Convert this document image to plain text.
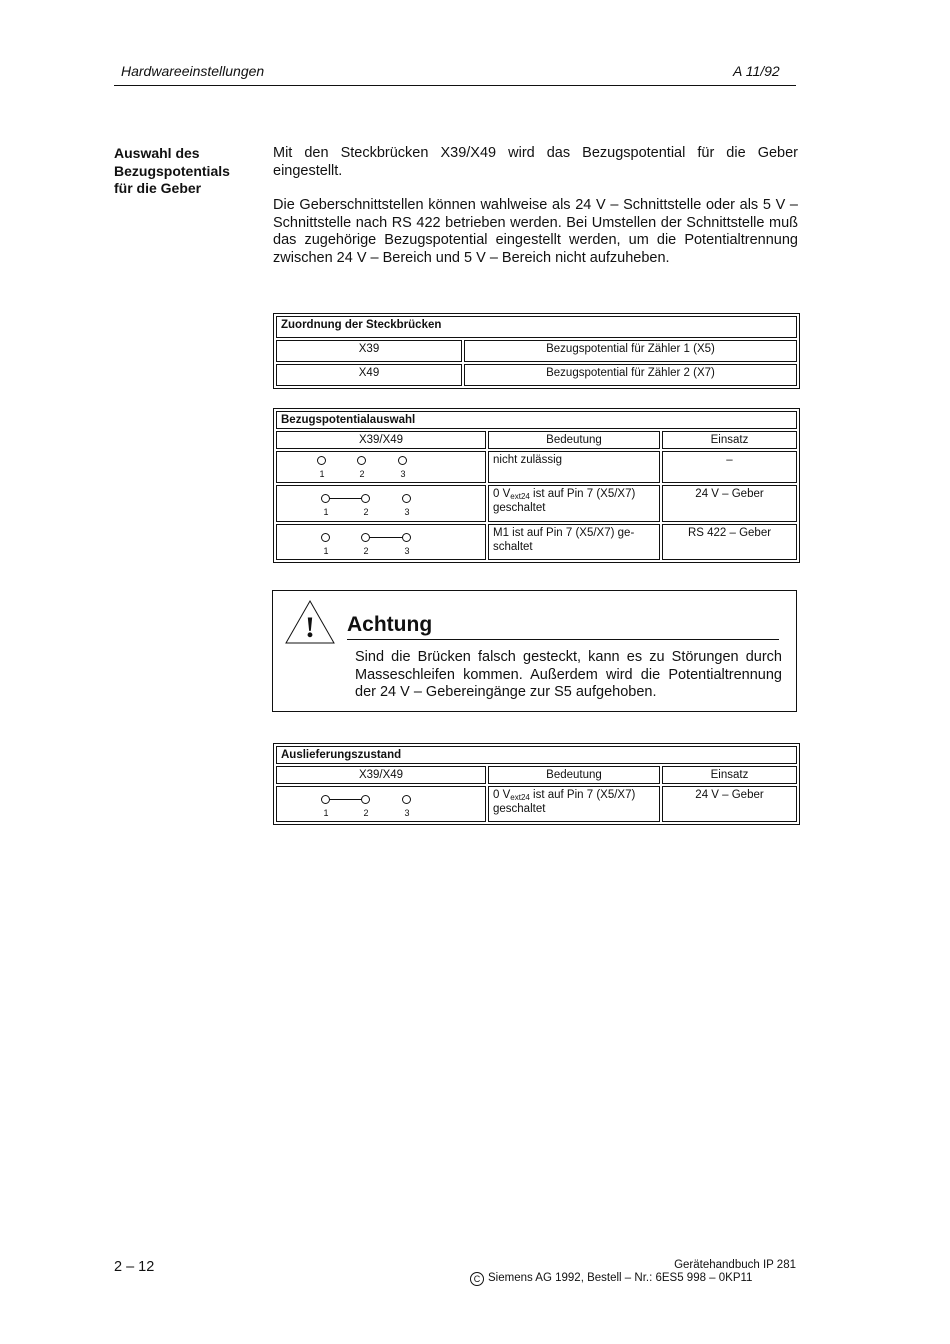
Hardwareeinstellungen	A 11/92
Auswahl des
Bezugspotentials
für die Geber

Mit den Steckbrücken X39/X49 wird das Bezugspotential für die Geber eingestellt.

Die Geberschnittstellen können wahlweise als 24 V – Schnittstelle oder als 5 V – Schnittstelle nach RS 422 betrieben werden. Bei Umstellen der Schnittstelle muß das zugehörige Bezugspotential eingestellt werden, um die Potentialtrennung zwischen 24 V – Bereich und 5 V – Bereich nicht aufzuheben.

Zuordnung der Steckbrücken	
X39	Bezugspotential für Zähler 1 (X5)
X49	Bezugspotential für Zähler 2 (X7)
Bezugspotentialauswahl		
X39/X49	Bedeutung	Einsatz

1 2 3	nicht zulässig	–

1 2 3	0 $V_{ext24}$ ist auf Pin 7 (X5/X7) geschaltet	24 V – Geber

1 2 3	M1 ist auf Pin 7 (X5/X7) geschaltet	RS 422 – Geber
! Achtung
Sind die Brücken falsch gesteckt, kann es zu Störungen durch Masseschleifen kommen. Außerdem wird die Potentialtrennung der 24 V – Gebereingänge zur S5 aufgehoben.
Auslieferungszustand		
X39/X49	Bedeutung	Einsatz

1 2 3	0 $V_{ext24}$ ist auf Pin 7 (X5/X7) geschaltet	24 V – Geber
2 – 12	Gerätehandbuch IP 281
C Siemens AG 1992, Bestell – Nr.: 6ES5 998 – 0KP11
